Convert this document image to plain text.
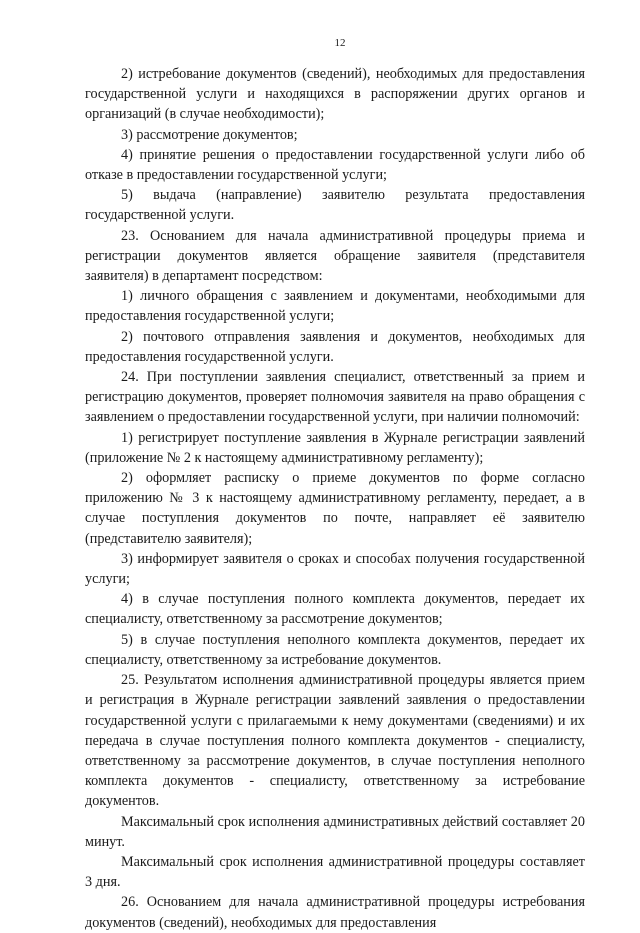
12

2) истребование документов (сведений), необходимых для предоставления государственной услуги и находящихся в распоряжении других органов и организаций (в случае необходимости);

3) рассмотрение документов;

4) принятие решения о предоставлении государственной услуги либо об отказе в предоставлении государственной услуги;

5) выдача (направление) заявителю результата предоставления государственной услуги.

23. Основанием для начала административной процедуры приема и регистрации документов является обращение заявителя (представителя заявителя) в департамент посредством:

1) личного обращения с заявлением и документами, необходимыми для предоставления государственной услуги;

2) почтового отправления заявления и документов, необходимых для предоставления государственной услуги.

24. При поступлении заявления специалист, ответственный за прием и регистрацию документов, проверяет полномочия заявителя на право обращения с заявлением о предоставлении государственной услуги, при наличии полномочий:

1) регистрирует поступление заявления в Журнале регистрации заявлений (приложение № 2 к настоящему административному регламенту);

2) оформляет расписку о приеме документов по форме согласно приложению № 3 к настоящему административному регламенту, передает, а в случае поступления документов по почте, направляет её заявителю (представителю заявителя);

3) информирует заявителя о сроках и способах получения государственной услуги;

4) в случае поступления полного комплекта документов, передает их специалисту, ответственному за рассмотрение документов;

5) в случае поступления неполного комплекта документов, передает их специалисту, ответственному за истребование документов.

25. Результатом исполнения административной процедуры является прием и регистрация в Журнале регистрации заявлений заявления о предоставлении государственной услуги с прилагаемыми к нему документами (сведениями) и их передача в случае поступления полного комплекта документов - специалисту, ответственному за рассмотрение документов, в случае поступления неполного комплекта документов - специалисту, ответственному за истребование документов.

Максимальный срок исполнения административных действий составляет 20 минут.

Максимальный срок исполнения административной процедуры составляет 3 дня.

26. Основанием для начала административной процедуры истребования документов (сведений), необходимых для предоставления
